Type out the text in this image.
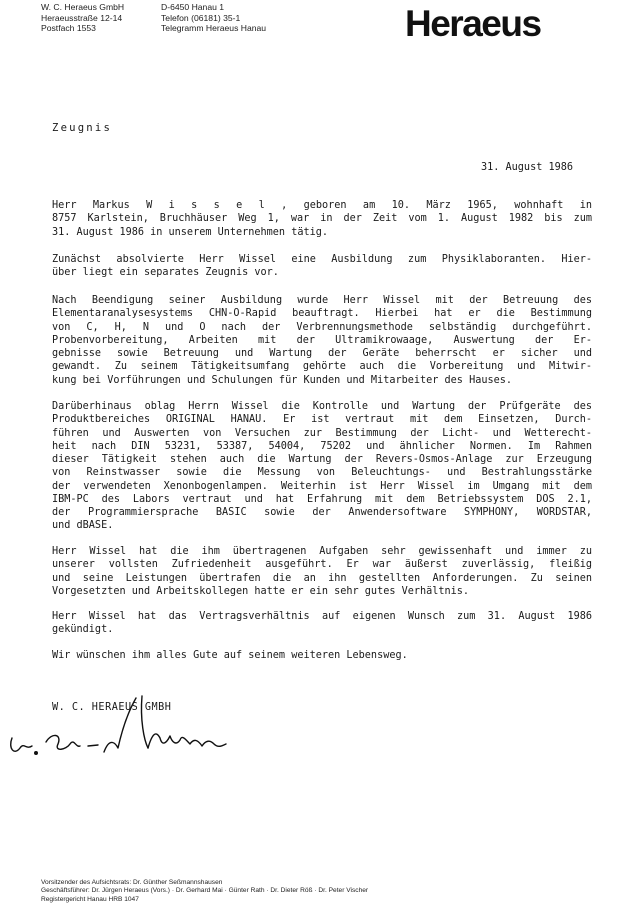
W. C. Heraeus GmbH
Heraeusstraße 12-14
Postfach 1553
D-6450 Hanau 1
Telefon (06181) 35-1
Telegramm Heraeus Hanau	Heraeus
Zeugnis
31. August 1986
Herr Markus W i s s e l , geboren am 10. März 1965, wohnhaft in
8757 Karlstein, Bruchhäuser Weg 1, war in der Zeit vom 1. August 1982 bis zum
31. August 1986 in unserem Unternehmen tätig.
Zunächst absolvierte Herr Wissel eine Ausbildung zum Physiklaboranten. Hier-
über liegt ein separates Zeugnis vor.
Nach Beendigung seiner Ausbildung wurde Herr Wissel mit der Betreuung des
Elementaranalysesystems CHN-O-Rapid beauftragt. Hierbei hat er die Bestimmung
von C, H, N und O nach der Verbrennungsmethode selbständig durchgeführt.
Probenvorbereitung, Arbeiten mit der Ultramikrowaage, Auswertung der Er-
gebnisse sowie Betreuung und Wartung der Geräte beherrscht er sicher und
gewandt. Zu seinem Tätigkeitsumfang gehörte auch die Vorbereitung und Mitwir-
kung bei Vorführungen und Schulungen für Kunden und Mitarbeiter des Hauses.
Darüberhinaus oblag Herrn Wissel die Kontrolle und Wartung der Prüfgeräte des
Produktbereiches ORIGINAL HANAU. Er ist vertraut mit dem Einsetzen, Durch-
führen und Auswerten von Versuchen zur Bestimmung der Licht- und Wetterecht-
heit nach DIN 53231, 53387, 54004, 75202 und ähnlicher Normen. Im Rahmen
dieser Tätigkeit stehen auch die Wartung der Revers-Osmos-Anlage zur Erzeugung
von Reinstwasser sowie die Messung von Beleuchtungs- und Bestrahlungsstärke
der verwendeten Xenonbogenlampen. Weiterhin ist Herr Wissel im Umgang mit dem
IBM-PC des Labors vertraut und hat Erfahrung mit dem Betriebssystem DOS 2.1,
der Programmiersprache BASIC sowie der Anwendersoftware SYMPHONY, WORDSTAR,
und dBASE.
Herr Wissel hat die ihm übertragenen Aufgaben sehr gewissenhaft und immer zu
unserer vollsten Zufriedenheit ausgeführt. Er war äußerst zuverlässig, fleißig
und seine Leistungen übertrafen die an ihn gestellten Anforderungen. Zu seinen
Vorgesetzten und Arbeitskollegen hatte er ein sehr gutes Verhältnis.
Herr Wissel hat das Vertragsverhältnis auf eigenen Wunsch zum 31. August 1986
gekündigt.
Wir wünschen ihm alles Gute auf seinem weiteren Lebensweg.
W. C. HERAEUS GMBH
Vorsitzender des Aufsichtsrats: Dr. Günther Seßmannshausen
Geschäftsführer: Dr. Jürgen Heraeus (Vors.) · Dr. Gerhard Mai · Günter Rath · Dr. Dieter Röß · Dr. Peter Vischer
Registergericht Hanau HRB 1047
